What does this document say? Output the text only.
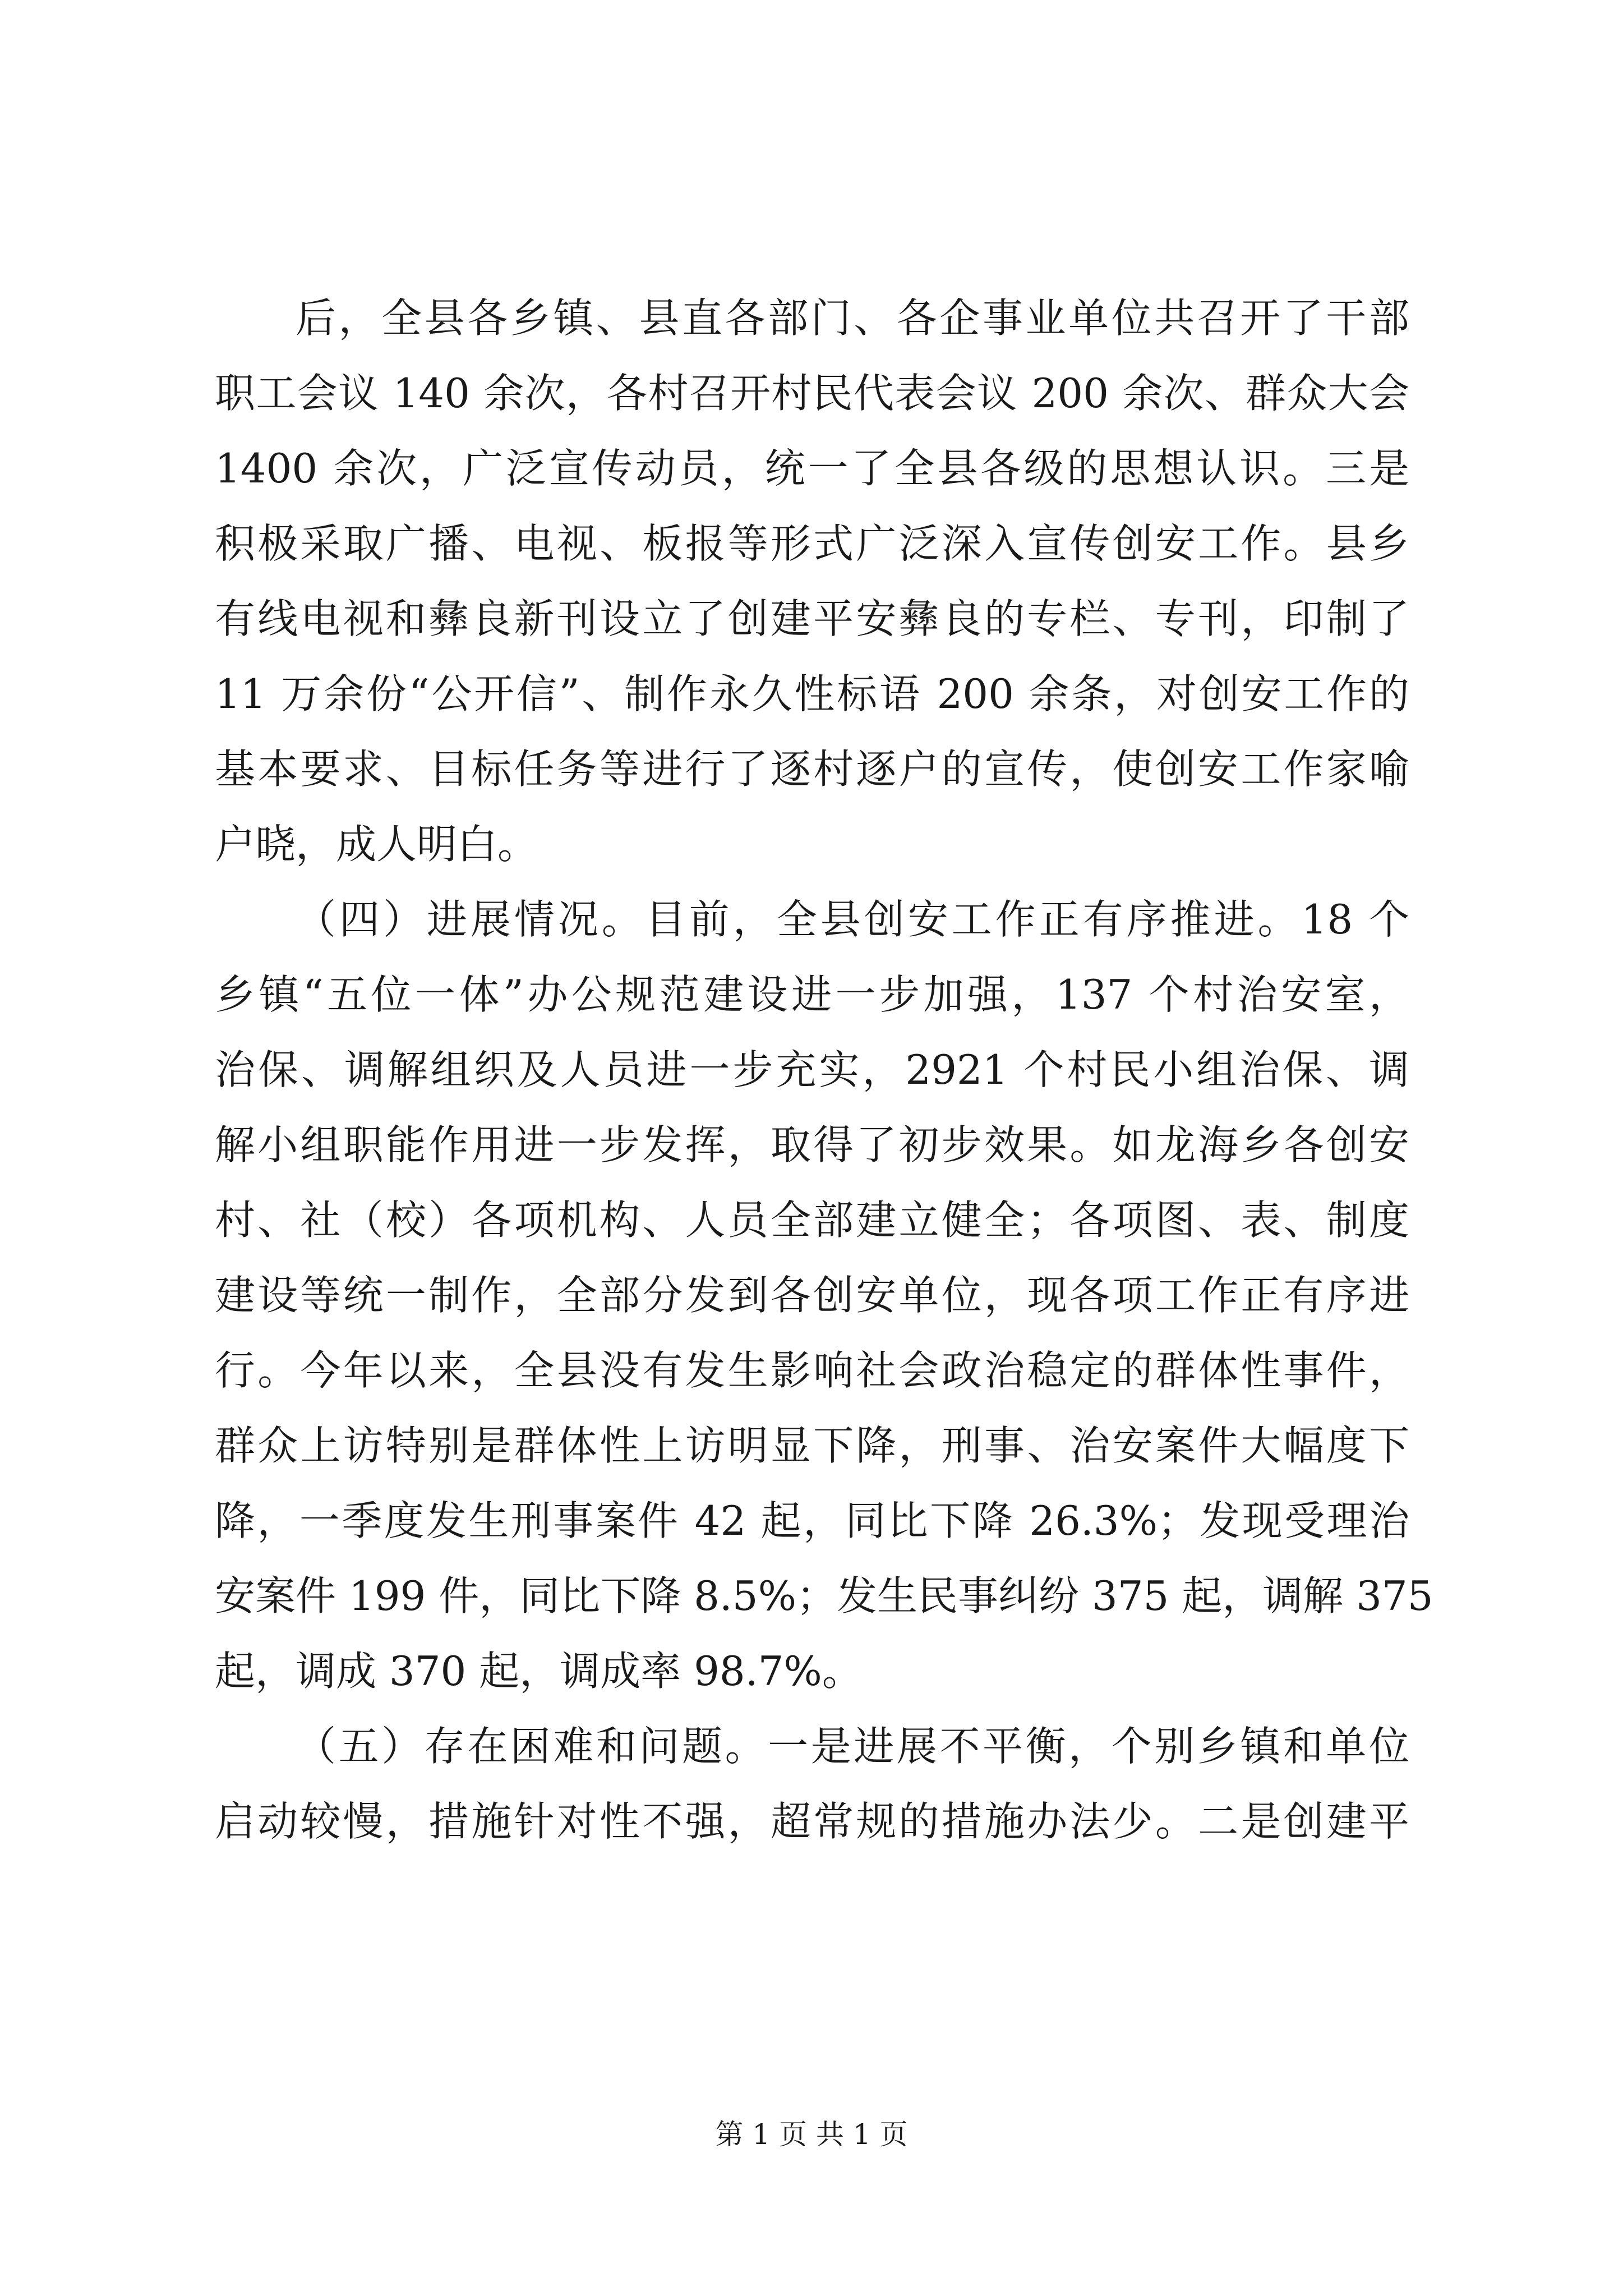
后，全县各乡镇、县直各部门、各企事业单位共召开了干部
职工会议 140 余次，各村召开村民代表会议 200 余次、群众大会
1400 余次，广泛宣传动员，统一了全县各级的思想认识。三是
积极采取广播、电视、板报等形式广泛深入宣传创安工作。县乡
有线电视和彝良新刊设立了创建平安彝良的专栏、专刊，印制了
11 万余份“公开信”、制作永久性标语 200 余条，对创安工作的
基本要求、目标任务等进行了逐村逐户的宣传，使创安工作家喻
户晓，成人明白。
（四）进展情况。目前，全县创安工作正有序推进。18 个
乡镇“五位一体”办公规范建设进一步加强，137 个村治安室，
治保、调解组织及人员进一步充实，2921 个村民小组治保、调
解小组职能作用进一步发挥，取得了初步效果。如龙海乡各创安
村、社（校）各项机构、人员全部建立健全；各项图、表、制度
建设等统一制作，全部分发到各创安单位，现各项工作正有序进
行。今年以来，全县没有发生影响社会政治稳定的群体性事件，
群众上访特别是群体性上访明显下降，刑事、治安案件大幅度下
降，一季度发生刑事案件 42 起，同比下降 26.3%；发现受理治
安案件 199 件，同比下降 8.5%；发生民事纠纷 375 起，调解 375
起，调成 370 起，调成率 98.7%。
（五）存在困难和问题。一是进展不平衡，个别乡镇和单位
启动较慢，措施针对性不强，超常规的措施办法少。二是创建平
第 1 页 共 1 页
